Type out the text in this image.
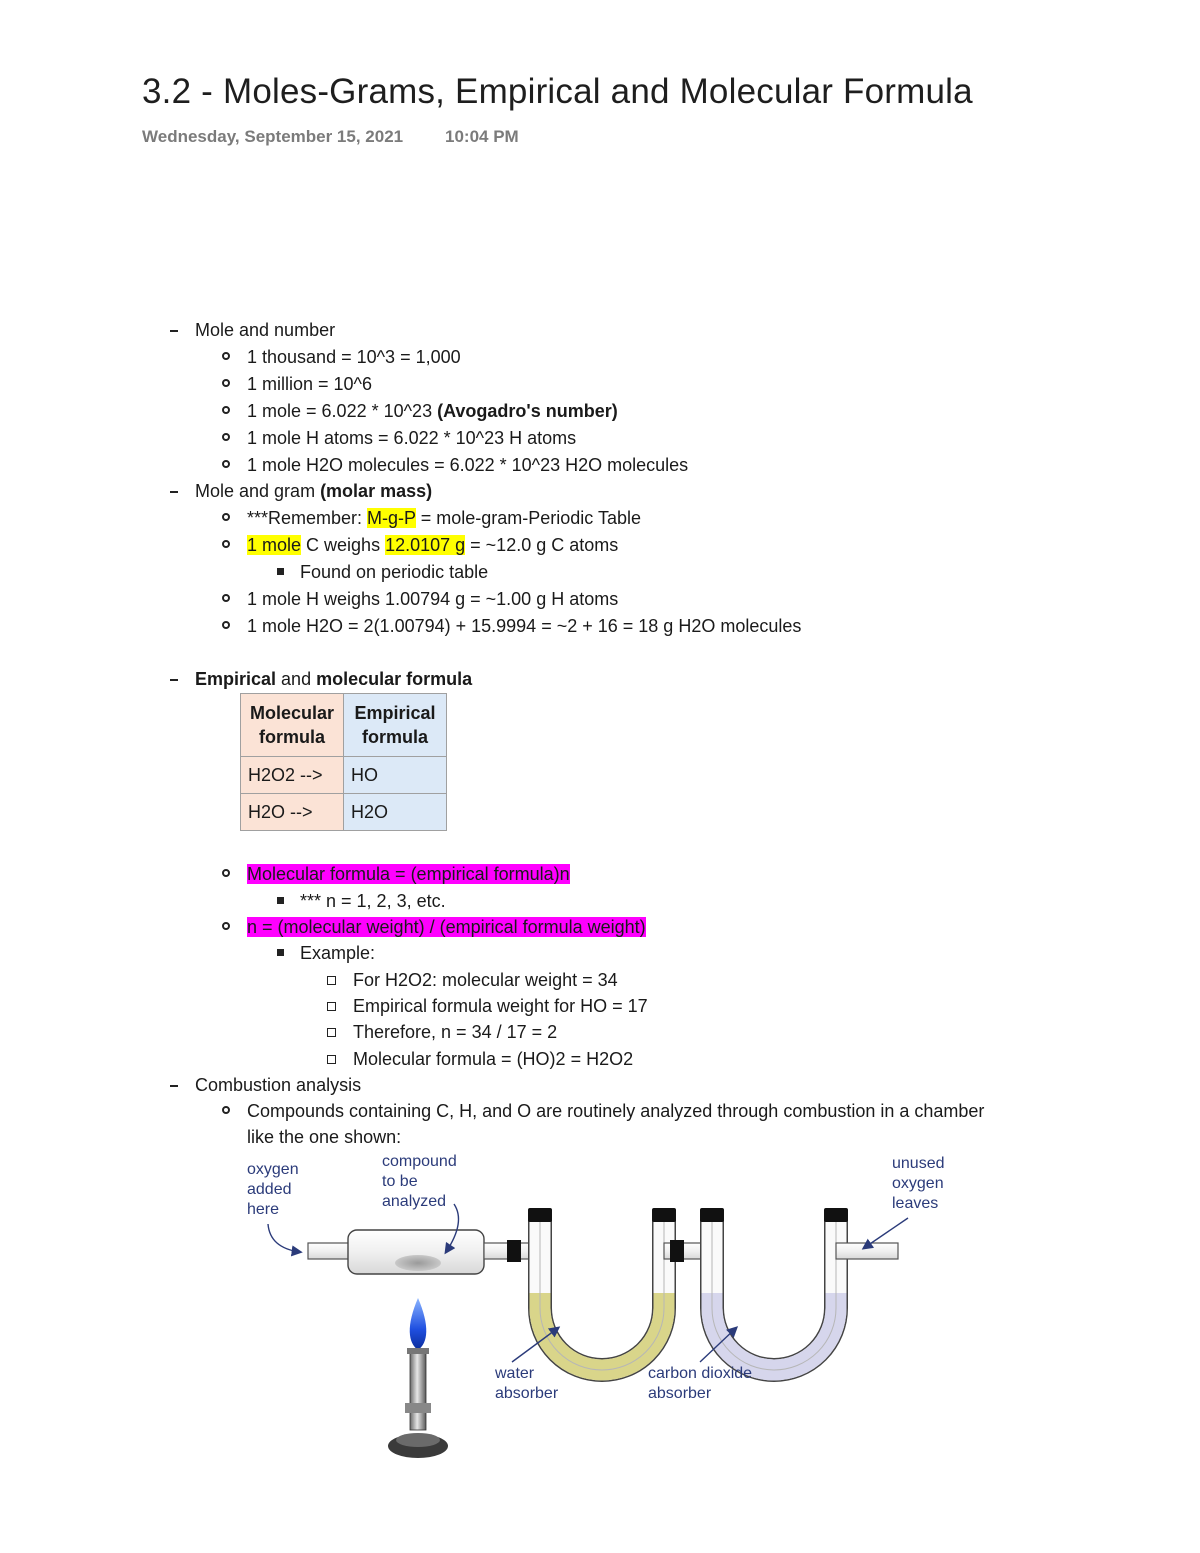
3.2 - Moles-Grams, Empirical and Molecular Formula
Wednesday, September 15, 2021 10:04 PM
Mole and number
1 thousand = 10^3 = 1,000
1 million = 10^6
1 mole = 6.022 * 10^23 (Avogadro's number)
1 mole H atoms = 6.022 * 10^23 H atoms
1 mole H2O molecules = 6.022 * 10^23 H2O molecules
Mole and gram (molar mass)
***Remember: M-g-P = mole-gram-Periodic Table
1 mole C weighs 12.0107 g = ~12.0 g C atoms
Found on periodic table
1 mole H weighs 1.00794 g = ~1.00 g H atoms
1 mole H2O = 2(1.00794) + 15.9994 = ~2 + 16 = 18 g H2O molecules
Empirical and molecular formula
Molecular
formula	Empirical
formula
H2O2 -->	HO
H2O -->	H2O
Molecular formula = (empirical formula)n
*** n = 1, 2, 3, etc.
n = (molecular weight) / (empirical formula weight)
Example:
For H2O2: molecular weight = 34
Empirical formula weight for HO = 17
Therefore, n = 34 / 17 = 2
Molecular formula = (HO)2 = H2O2
Combustion analysis
Compounds containing C, H, and O are routinely analyzed through combustion in a chamber
like the one shown:
oxygen
added
here
compound
to be
analyzed
unused
oxygen
leaves
water
absorber
carbon dioxide
absorber
